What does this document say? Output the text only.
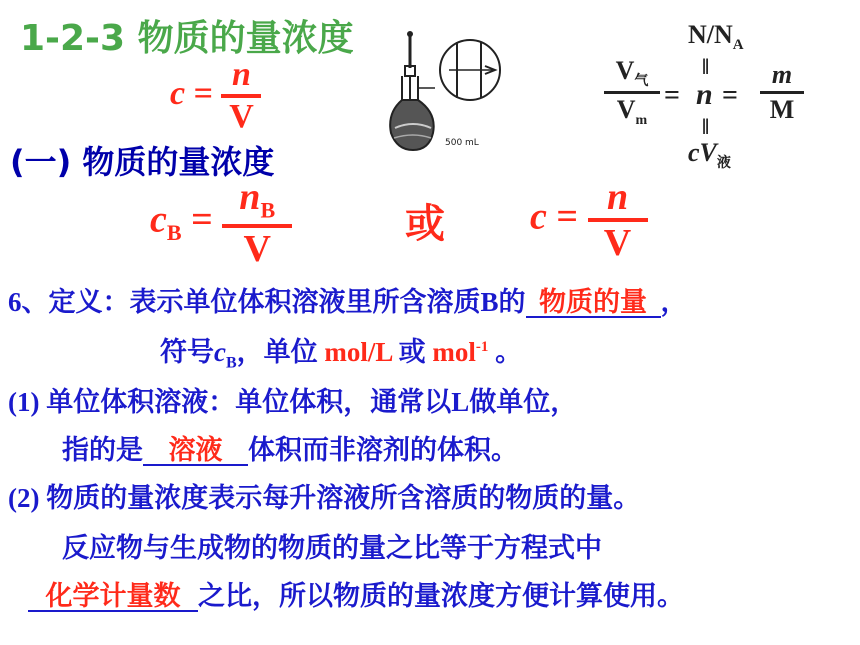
1-2-3 物质的量浓度
$c = \frac{n}{V}$
500 mL
$N/N_A$
‖
$V_气$
$V_m$
= n =
m
M
‖
$cV_液$
(一) 物质的量浓度
$c_B = \frac{n_B}{V}$	或 $c = \frac{n}{V}$
6、定义：表示单位体积溶液里所含溶质B的 物质的量 ，
符号$c_B$，单位 mol/L 或 mol$^{-1}$ 。
(1) 单位体积溶液：单位体积，通常以L做单位，
指的是 溶液 体积而非溶剂的体积。
(2) 物质的量浓度表示每升溶液所含溶质的物质的量。
反应物与生成物的物质的量之比等于方程式中
化学计量数 之比，所以物质的量浓度方便计算使用。
